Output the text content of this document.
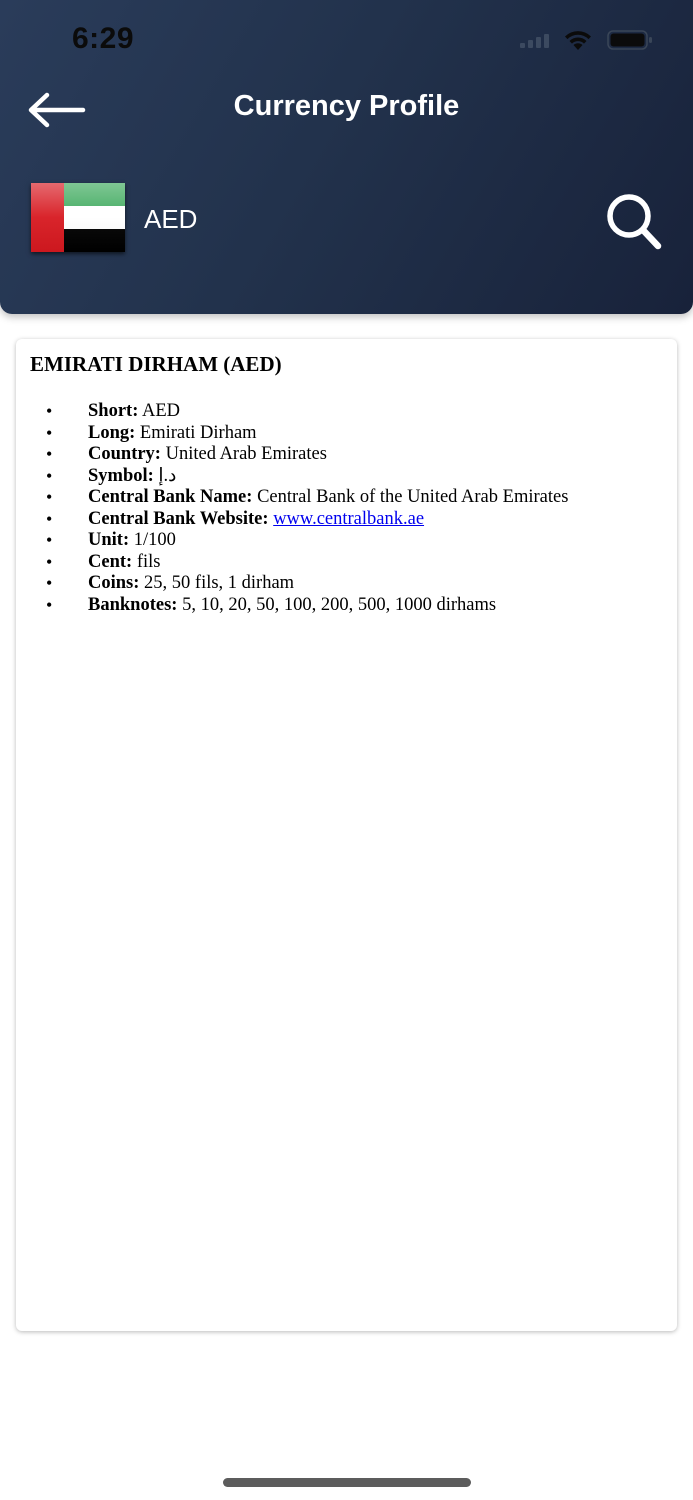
6:29
Currency Profile
AED
EMIRATI DIRHAM (AED)
• Short: AED
• Long: Emirati Dirham
• Country: United Arab Emirates
• Symbol: د.إ
• Central Bank Name: Central Bank of the United Arab Emirates
• Central Bank Website: www.centralbank.ae
• Unit: 1/100
• Cent: fils
• Coins: 25, 50 fils, 1 dirham
• Banknotes: 5, 10, 20, 50, 100, 200, 500, 1000 dirhams
